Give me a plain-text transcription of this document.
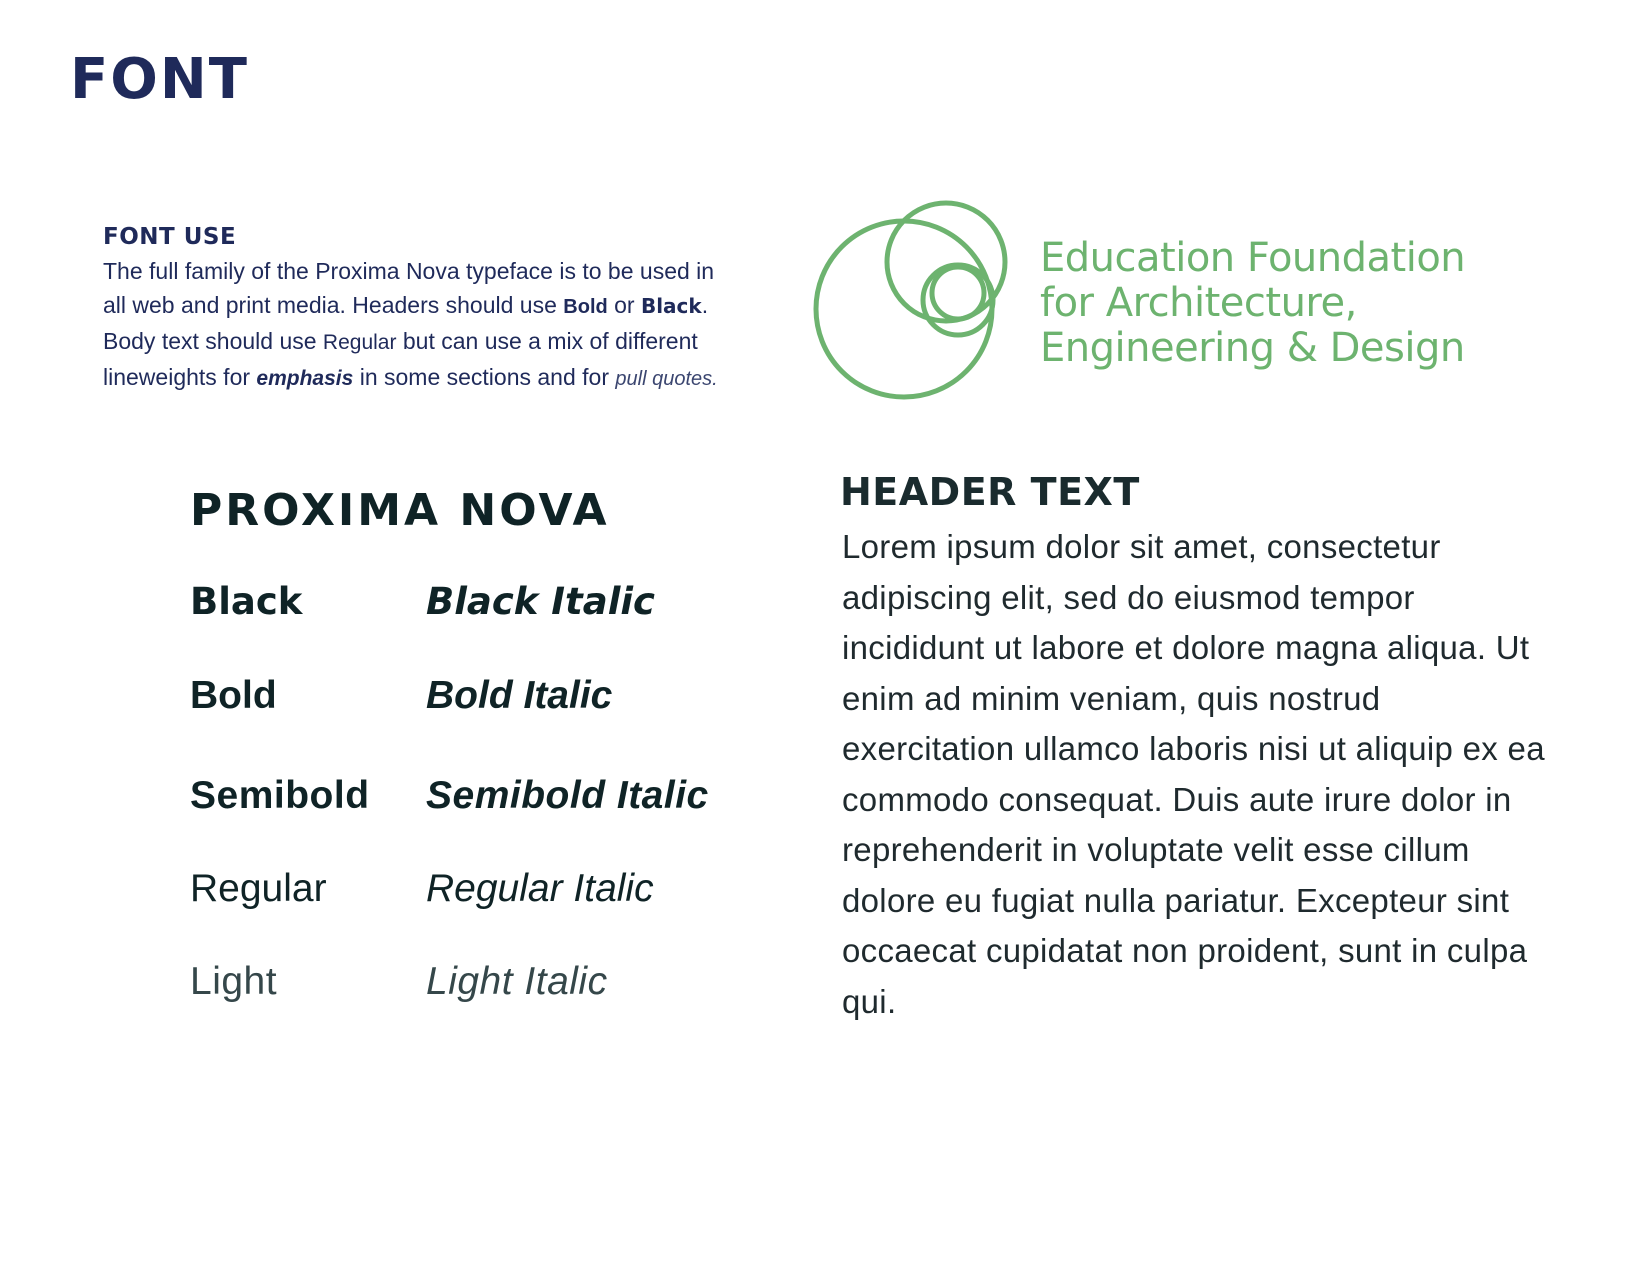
FONT
FONT USE
The full family of the Proxima Nova typeface is to be used in all web and print media. Headers should use Bold or Black. Body text should use Regular but can use a mix of different lineweights for emphasis in some sections and for pull quotes.
Education Foundation
for Architecture,
Engineering & Design
PROXIMA NOVA
Black	Black Italic
Bold	Bold Italic
Semibold Semibold Italic
Regular	Regular Italic
Light	Light Italic
HEADER TEXT
Lorem ipsum dolor sit amet, consectetur adipiscing elit, sed do eiusmod tempor incididunt ut labore et dolore magna aliqua. Ut enim ad minim veniam, quis nostrud exercitation ullamco laboris nisi ut aliquip ex ea commodo consequat. Duis aute irure dolor in reprehenderit in voluptate velit esse cillum dolore eu fugiat nulla pariatur. Excepteur sint occaecat cupidatat non proident, sunt in culpa qui.
